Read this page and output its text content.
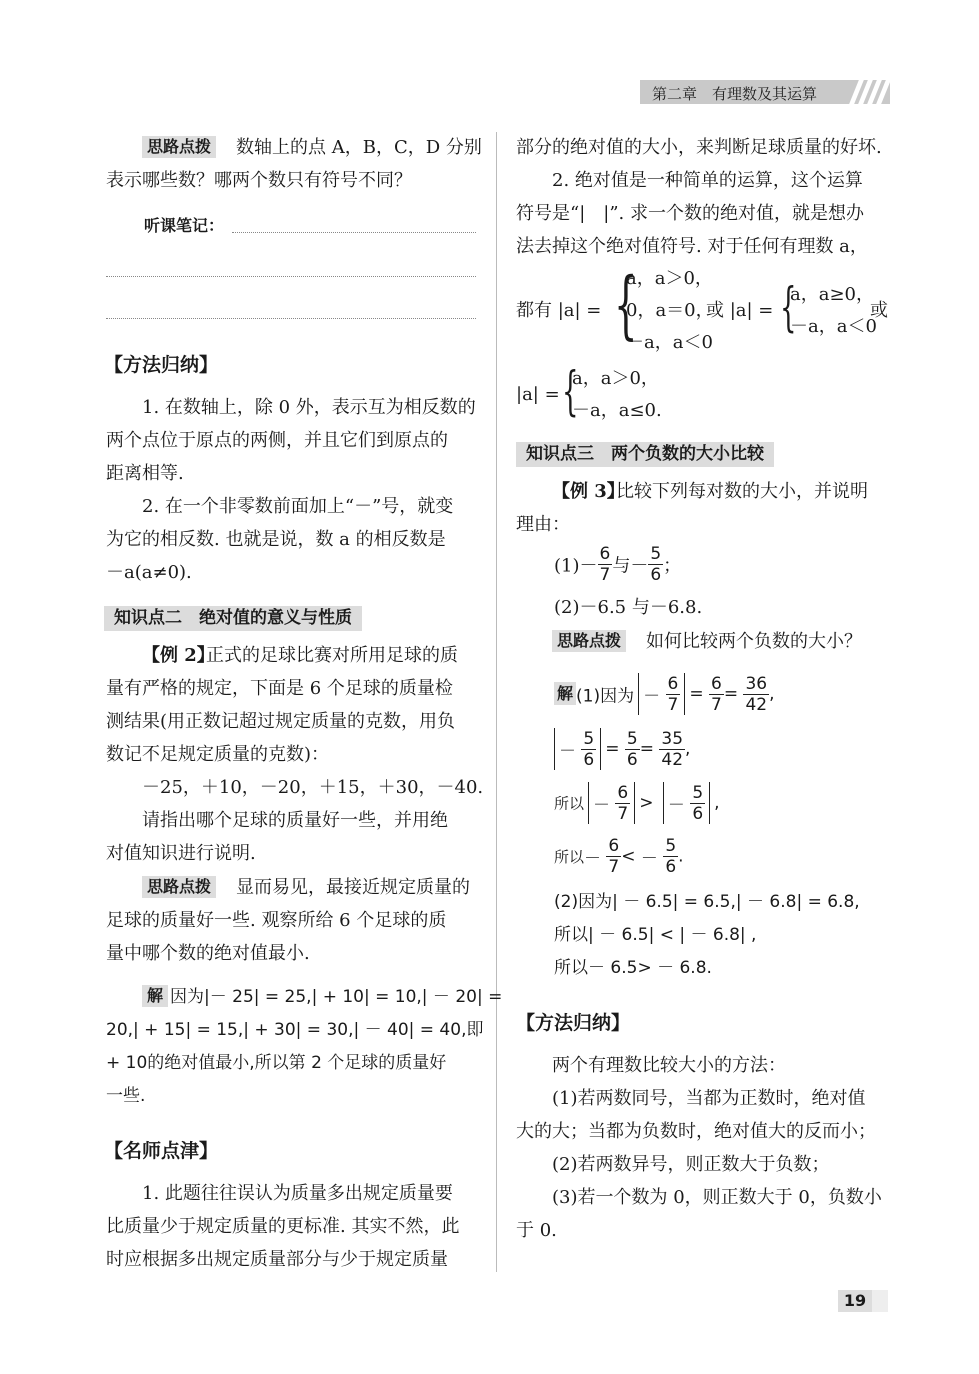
第二章　有理数及其运算
思路点拨 数轴上的点 A，B，C，D 分别
表示哪些数？哪两个数只有符号不同？
听课笔记：
【方法归纳】
1. 在数轴上，除 0 外，表示互为相反数的
两个点位于原点的两侧，并且它们到原点的
距离相等.
2. 在一个非零数前面加上“－”号，就变
为它的相反数. 也就是说，数 a 的相反数是
－a(a≠0).
知识点二　绝对值的意义与性质
【例 2】
正式的足球比赛对所用足球的质
量有严格的规定，下面是 6 个足球的质量检
测结果(用正数记超过规定质量的克数，用负
数记不足规定质量的克数)：
－25，＋10，－20，＋15，＋30，－40.
请指出哪个足球的质量好一些，并用绝
对值知识进行说明.
思路点拨 显而易见，最接近规定质量的
足球的质量好一些. 观察所给 6 个足球的质
量中哪个数的绝对值最小.
解 因为|－ 25| = 25,| + 10| = 10,| － 20| =
20,| + 15| = 15,| + 30| = 30,| － 40| = 40,即
+ 10的绝对值最小,所以第 2 个足球的质量好
一些.
【名师点津】
1. 此题往往误认为质量多出规定质量要
比质量少于规定质量的更标准. 其实不然，此
时应根据多出规定质量部分与少于规定质量
部分的绝对值的大小，来判断足球质量的好坏.
2. 绝对值是一种简单的运算，这个运算
符号是“|　|”. 求一个数的绝对值，就是想办
法去掉这个绝对值符号. 对于任何有理数 a，
都有 |a| = {
a，a＞0，
0，a＝0，
－a，a＜0
或 |a| = {
a，a≥0，
－a，a＜0
或
|a| = {
a，a＞0，
－a，a≤0.
知识点三　两个负数的大小比较
【例 3】
比较下列每对数的大小，并说明
理由：
$(1)- \frac{6}{7}$ 与－ $\frac{5}{6}$ ；
(2)－6.5 与－6.8.
思路点拨 如何比较两个负数的大小？
解 (1)因为 － $\frac{6}{7} = \frac{6}{7} = \frac{36}{42}$ ,
－ $\frac{5}{6} = \frac{5}{6} = \frac{35}{42}$ ,
所以 － $\frac{6}{7}$ > － $\frac{5}{6}$ ,
所以－ $\frac{6}{7}$ < － $\frac{5}{6}$ .
(2)因为| － 6.5| = 6.5,| － 6.8| = 6.8,
所以| － 6.5| < | － 6.8| ,
所以－ 6.5> － 6.8.
【方法归纳】
两个有理数比较大小的方法：
(1)若两数同号，当都为正数时，绝对值
大的大；当都为负数时，绝对值大的反而小；
(2)若两数异号，则正数大于负数；
(3)若一个数为 0，则正数大于 0，负数小
于 0.
19
